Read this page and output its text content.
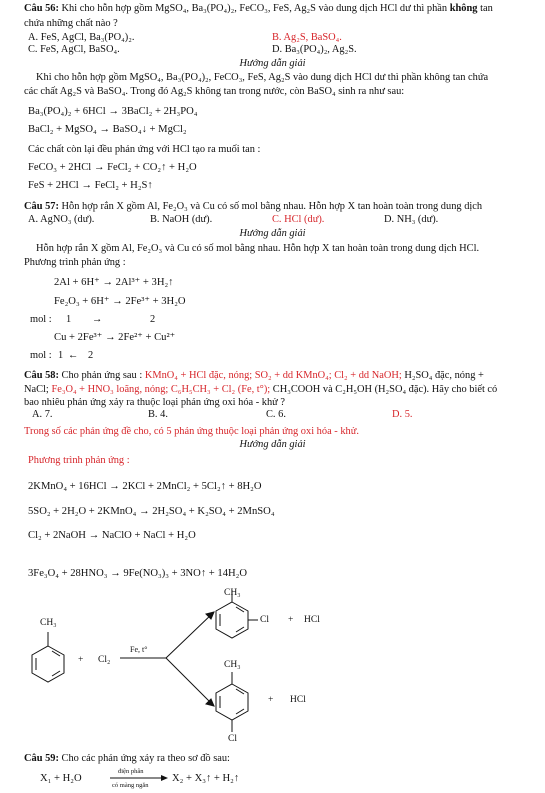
Câu 56: Khi cho hỗn hợp gồm MgSO₄, Ba₃(PO₄)₂, FeCO₃, FeS, Ag₂S vào dung dịch HCl dư thì phần không tan
chứa những chất nào ?
A. FeS, AgCl, Ba₃(PO₄)₂.	B. Ag₂S, BaSO₄.
C. FeS, AgCl, BaSO₄.	D. Ba₃(PO₄)₂, Ag₂S.
Hướng dẫn giải
Khi cho hỗn hợp gồm MgSO₄, Ba₃(PO₄)₂, FeCO₃, FeS, Ag₂S vào dung dịch HCl dư thì phần không tan chứa
các chất Ag₂S và BaSO₄. Trong đó Ag₂S không tan trong nước, còn BaSO₄ sinh ra như sau:
Ba₃(PO₄)₂ + 6HCl → 3BaCl₂ + 2H₃PO₄
BaCl₂ + MgSO₄ → BaSO₄↓ + MgCl₂
Các chất còn lại đều phản ứng với HCl tạo ra muối tan :
FeCO₃ + 2HCl → FeCl₂ + CO₂↑ + H₂O
FeS + 2HCl → FeCl₂ + H₂S↑
Câu 57: Hỗn hợp rắn X gồm Al, Fe₂O₃ và Cu có số mol bằng nhau. Hỗn hợp X tan hoàn toàn trong dung dịch
A. AgNO₃ (dư).	B. NaOH (dư).	C. HCl (dư).	D. NH₃ (dư).
Hướng dẫn giải
Hỗn hợp rắn X gồm Al, Fe₂O₃ và Cu có số mol bằng nhau. Hỗn hợp X tan hoàn toàn trong dung dịch HCl.
Phương trình phản ứng :
2Al + 6H⁺ → 2Al³⁺ + 3H₂↑
Fe₂O₃ + 6H⁺ → 2Fe³⁺ + 3H₂O
mol : 1 →	2
Cu + 2Fe³⁺ → 2Fe²⁺ + Cu²⁺
mol : 1 ← 2
Câu 58: Cho phản ứng sau : KMnO₄ + HCl đặc, nóng; SO₂ + dd KMnO₄; Cl₂ + dd NaOH; H₂SO₄ đặc, nóng +
NaCl; Fe₃O₄ + HNO₃ loãng, nóng; C₆H₅CH₃ + Cl₂ (Fe, t°); CH₃COOH và C₂H₅OH (H₂SO₄ đặc). Hãy cho biết có
bao nhiêu phản ứng xảy ra thuộc loại phản ứng oxi hóa - khử ?
A. 7.	B. 4.	C. 6.	D. 5.
Trong số các phản ứng đề cho, có 5 phản ứng thuộc loại phản ứng oxi hóa - khử.
Hướng dẫn giải
Phương trình phản ứng :
2KMnO₄ + 16HCl → 2KCl + 2MnCl₂ + 5Cl₂↑ + 8H₂O
5SO₂ + 2H₂O + 2KMnO₄ → 2H₂SO₄ + K₂SO₄ + 2MnSO₄
Cl₂ + 2NaOH → NaClO + NaCl + H₂O
3Fe₃O₄ + 28HNO₃ → 9Fe(NO₃)₃ + 3NO↑ + 14H₂O
CH₃
+ Cl₂
Fe, t°
CH₃
Cl + HCl
CH₃
Cl
+ HCl
Câu 59: Cho các phản ứng xảy ra theo sơ đồ sau:
X₁ + H₂O
điện phân
có màng ngăn
X₂ + X₃↑ + H₂↑
